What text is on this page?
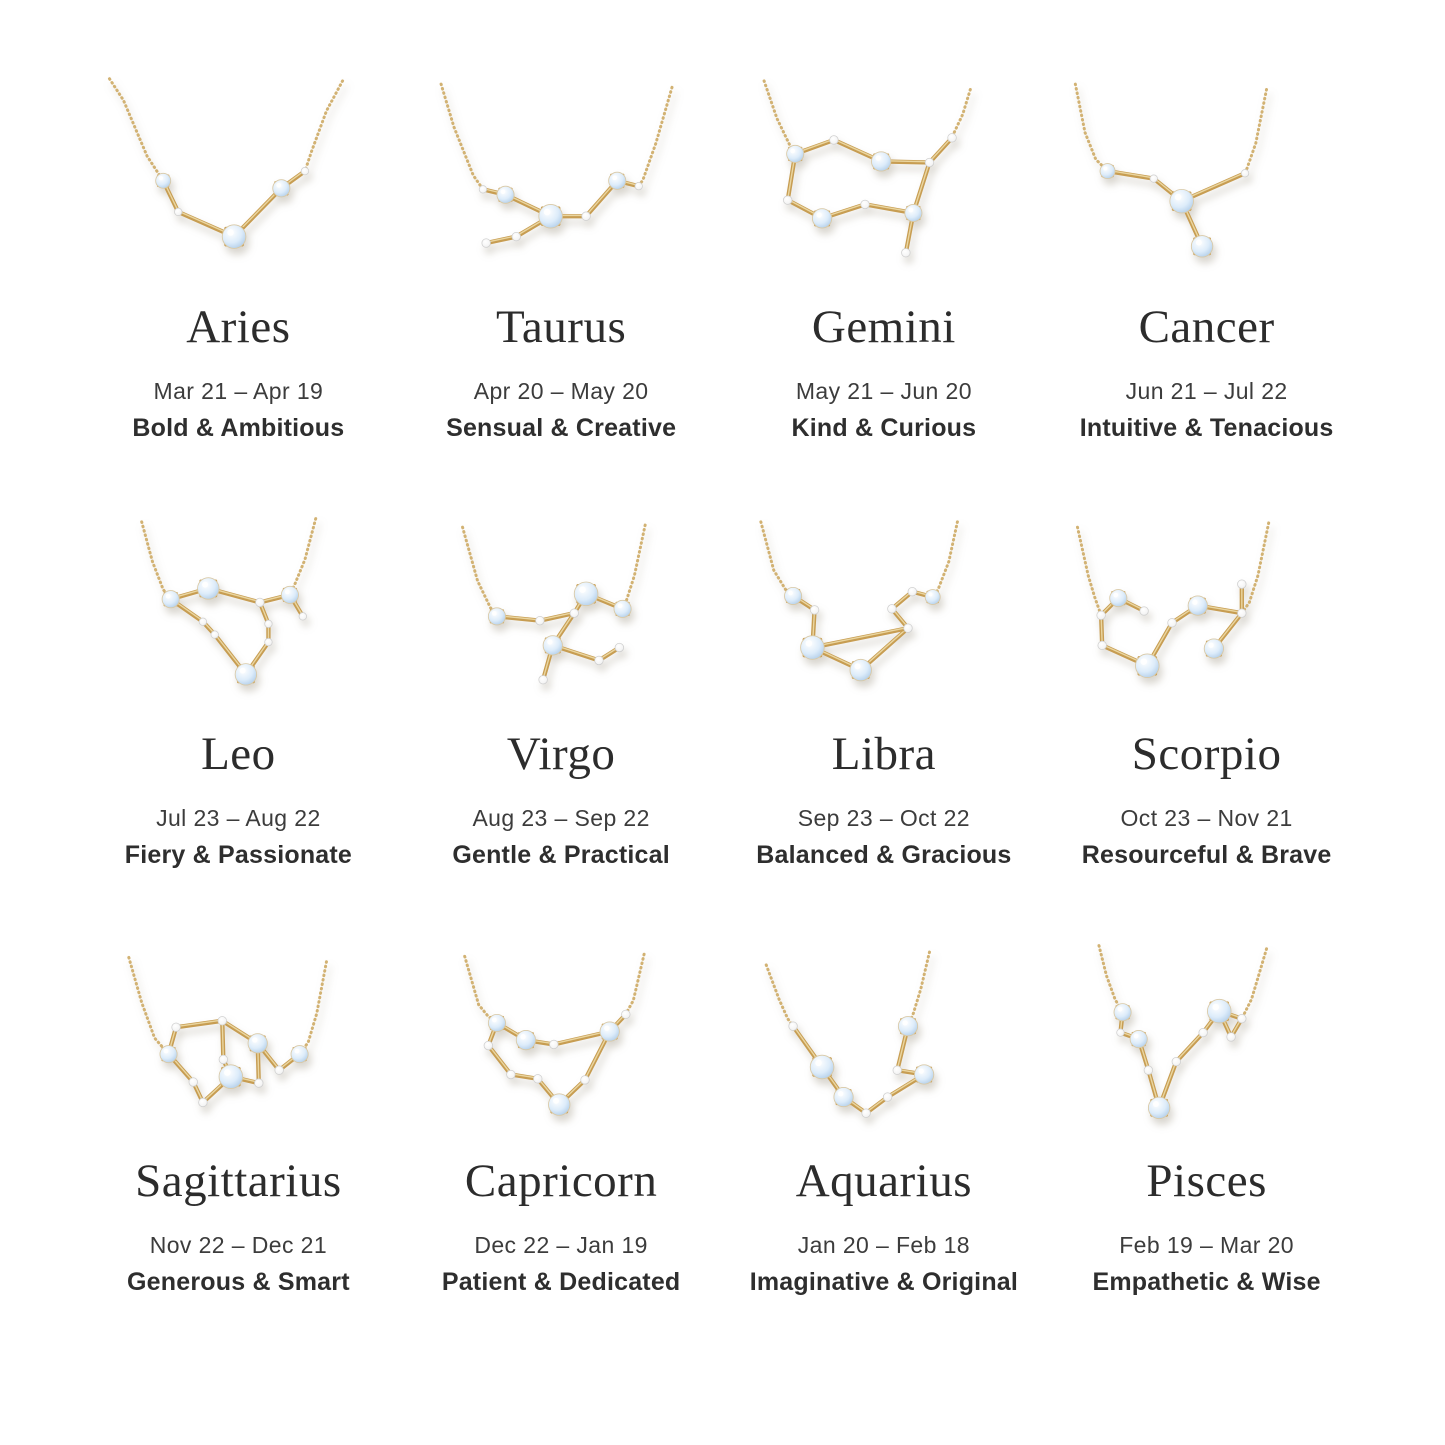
Aries

Mar 21 – Apr 19

Bold & Ambitious

Taurus

Apr 20 – May 20

Sensual & Creative

Gemini

May 21 – Jun 20

Kind & Curious

Cancer

Jun 21 – Jul 22

Intuitive & Tenacious

Leo

Jul 23 – Aug 22

Fiery & Passionate

Virgo

Aug 23 – Sep 22

Gentle & Practical

Libra

Sep 23 – Oct 22

Balanced & Gracious

Scorpio

Oct 23 – Nov 21

Resourceful & Brave

Sagittarius

Nov 22 – Dec 21

Generous & Smart

Capricorn

Dec 22 – Jan 19

Patient & Dedicated

Aquarius

Jan 20 – Feb 18

Imaginative & Original

Pisces

Feb 19 – Mar 20

Empathetic & Wise
